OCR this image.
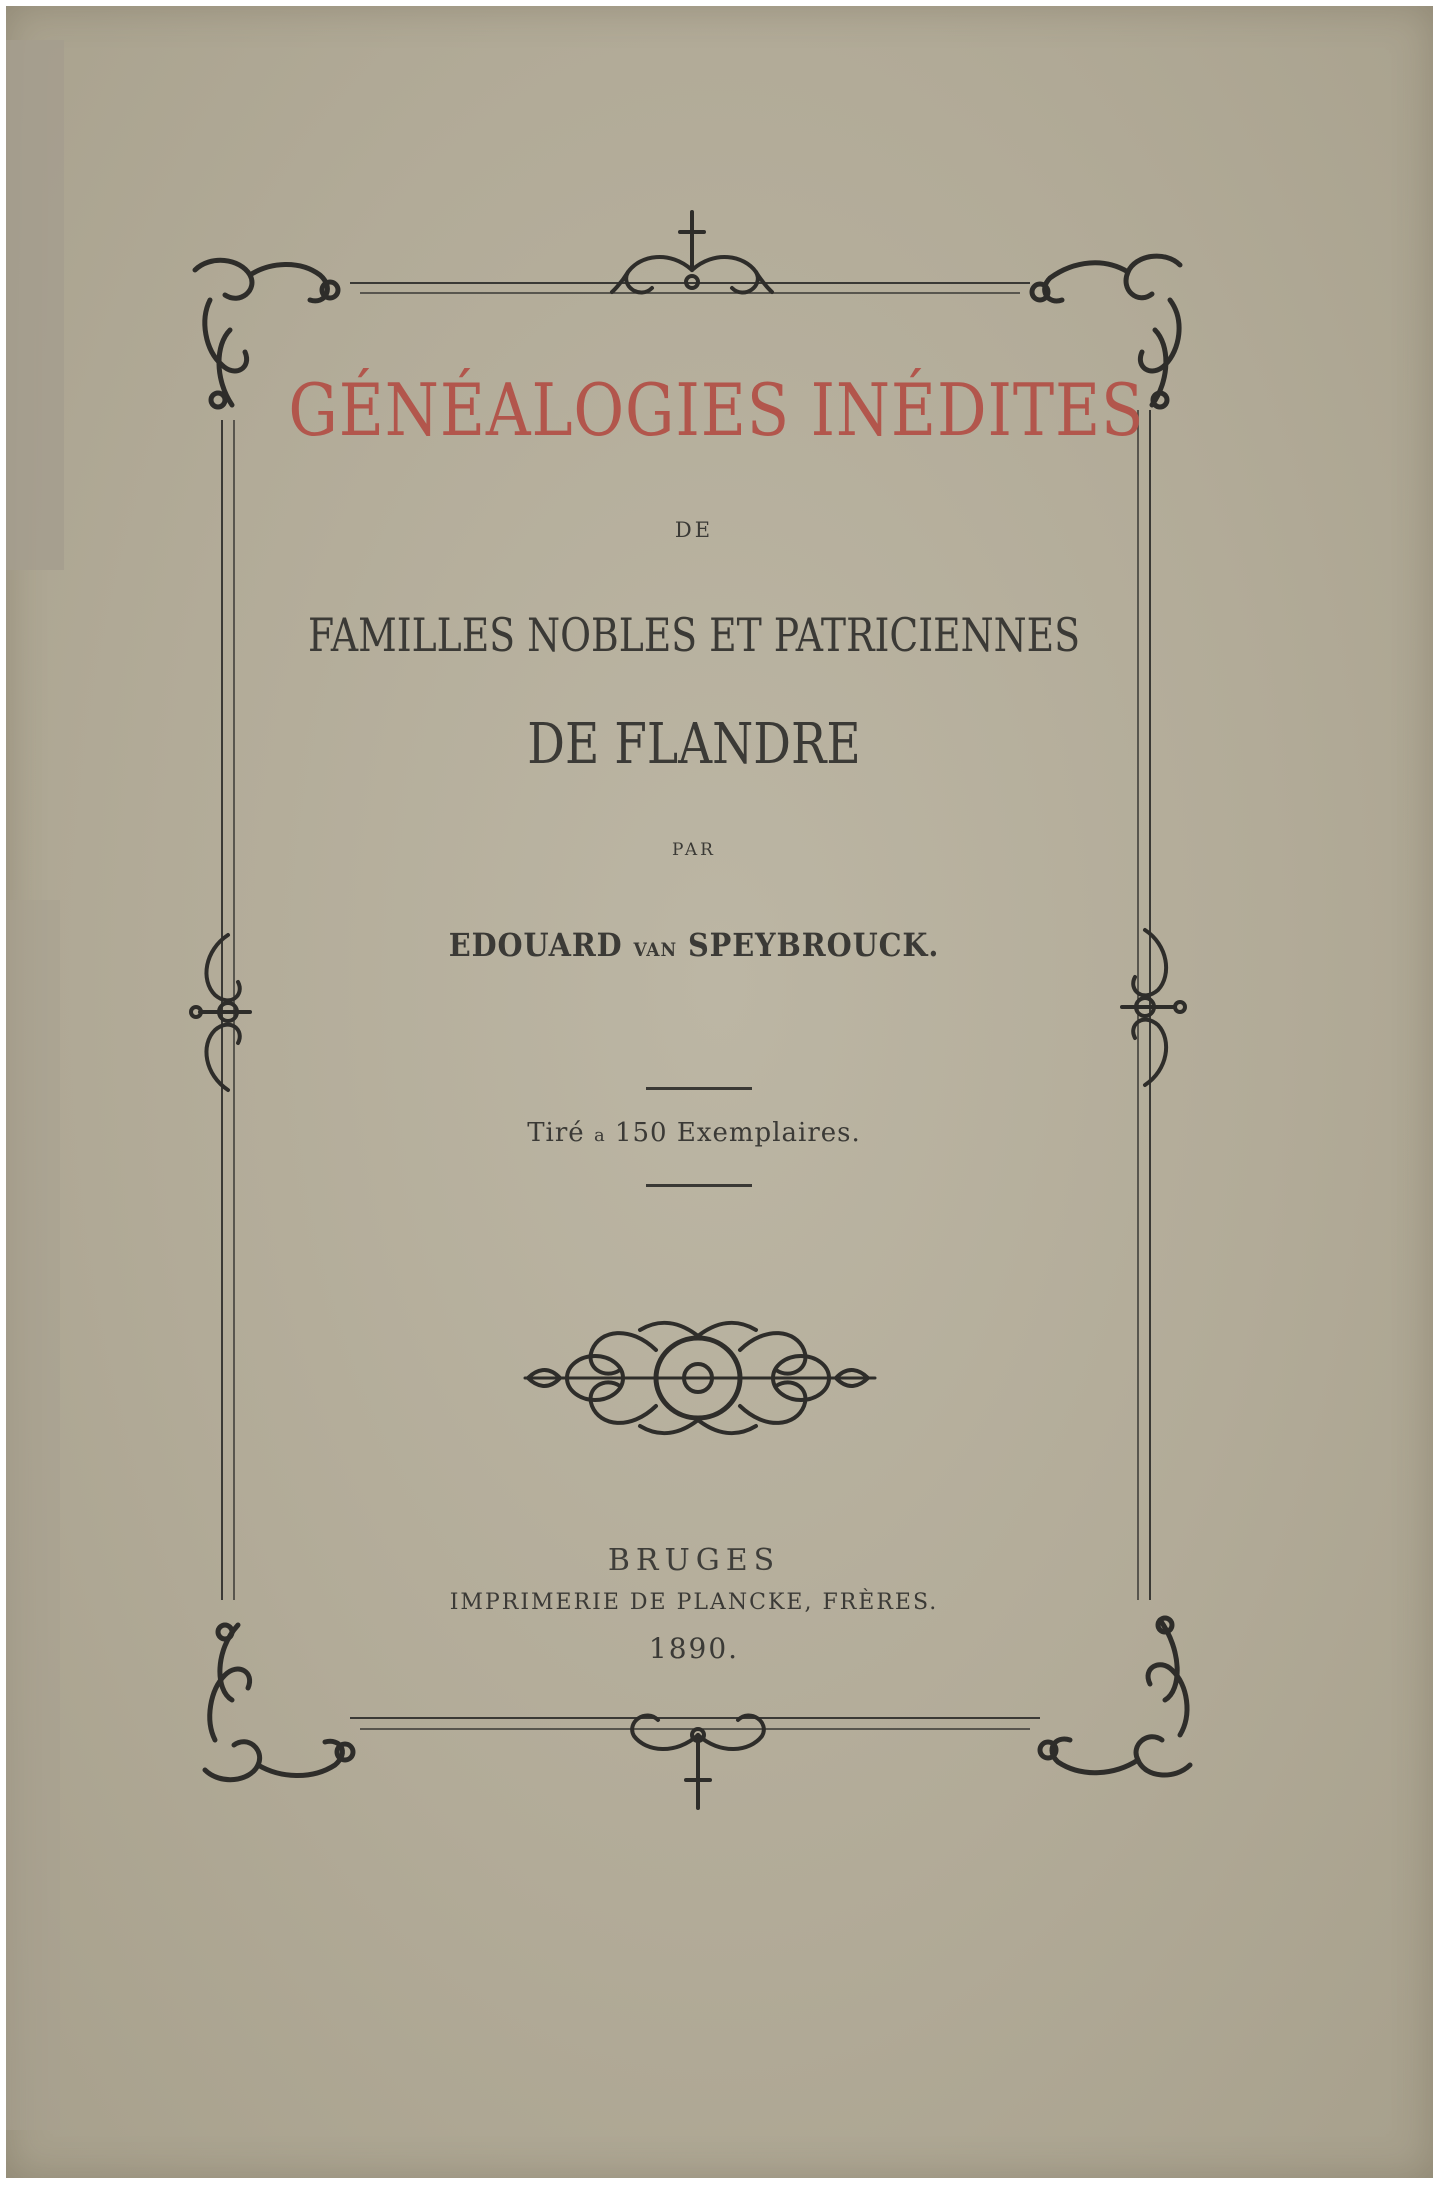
GÉNÉALOGIES INÉDITES
DE
FAMILLES NOBLES ET PATRICIENNES
DE FLANDRE
PAR
EDOUARD VAN SPEYBROUCK.
Tiré a 150 Exemplaires.
BRUGES
IMPRIMERIE DE PLANCKE, FRÈRES.
1890.
